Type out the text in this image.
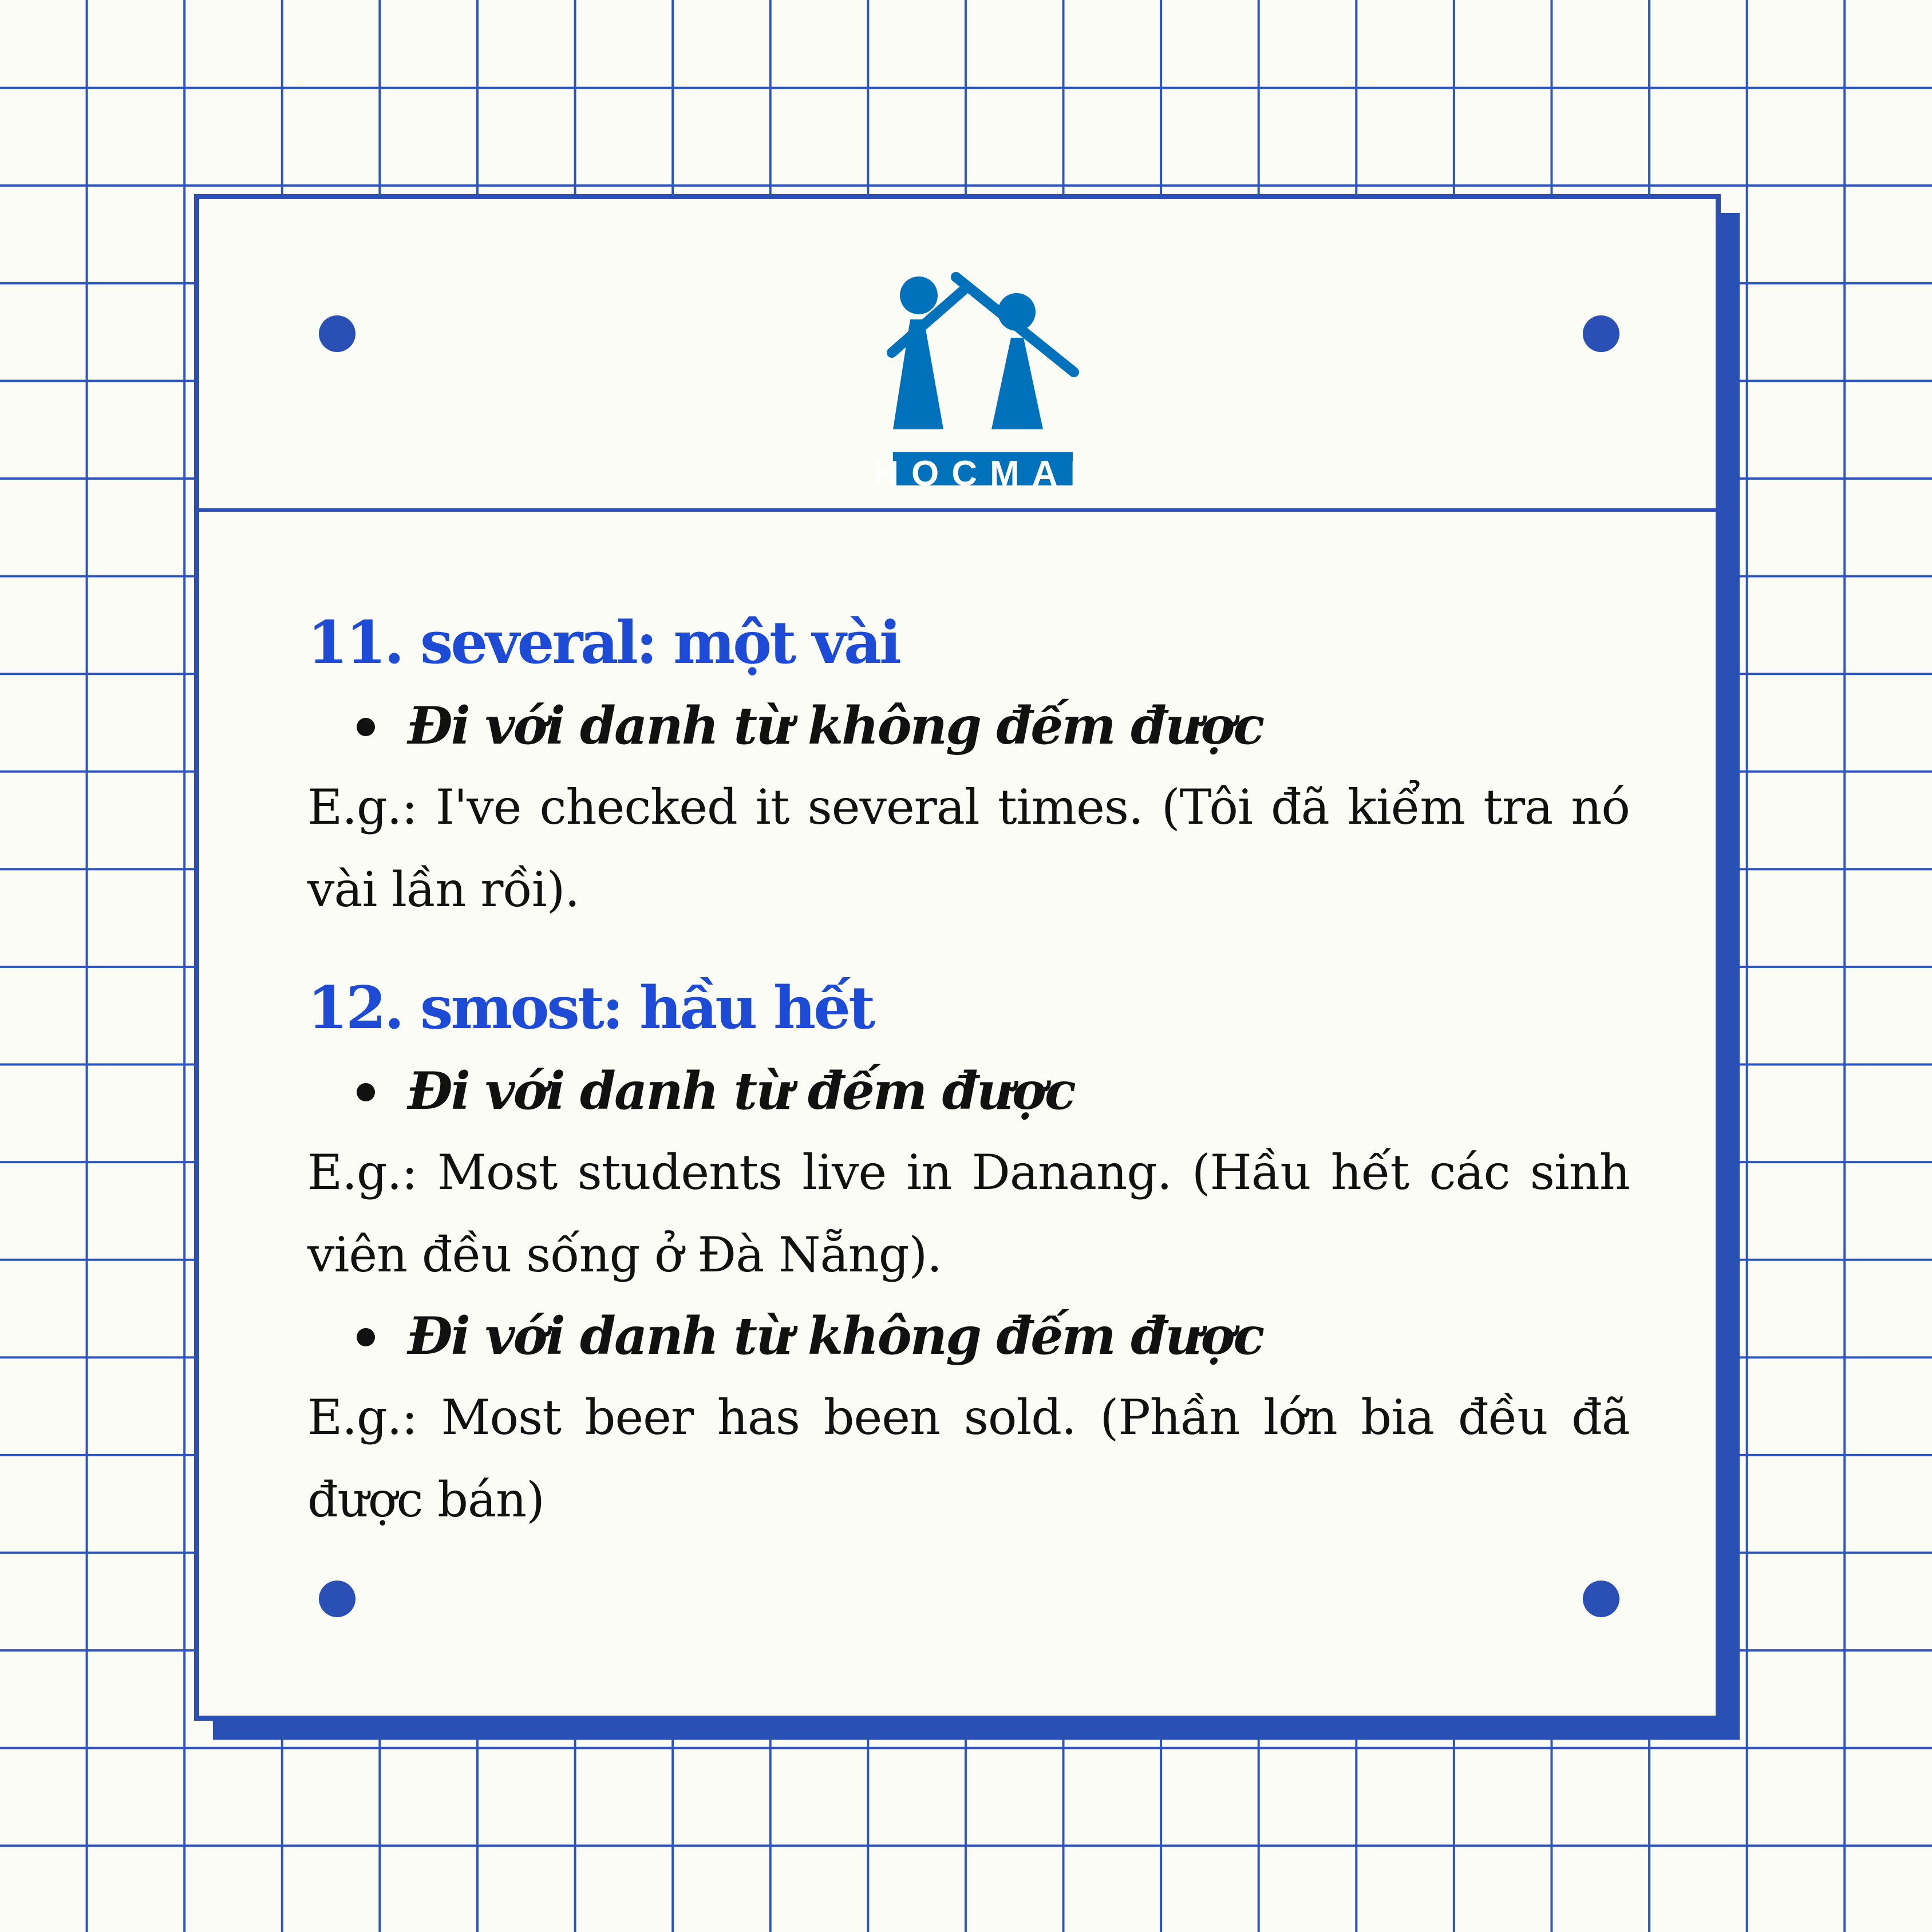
HOCMAI
11. several: một vài
Đi với danh từ không đếm được
E.g.: I've checked it several times. (Tôi đã kiểm tra nó vài lần rồi).
12. smost: hầu hết
Đi với danh từ đếm được
E.g.: Most students live in Danang. (Hầu hết các sinh viên đều sống ở Đà Nẵng).
Đi với danh từ không đếm được
E.g.: Most beer has been sold. (Phần lớn bia đều đã được bán)
